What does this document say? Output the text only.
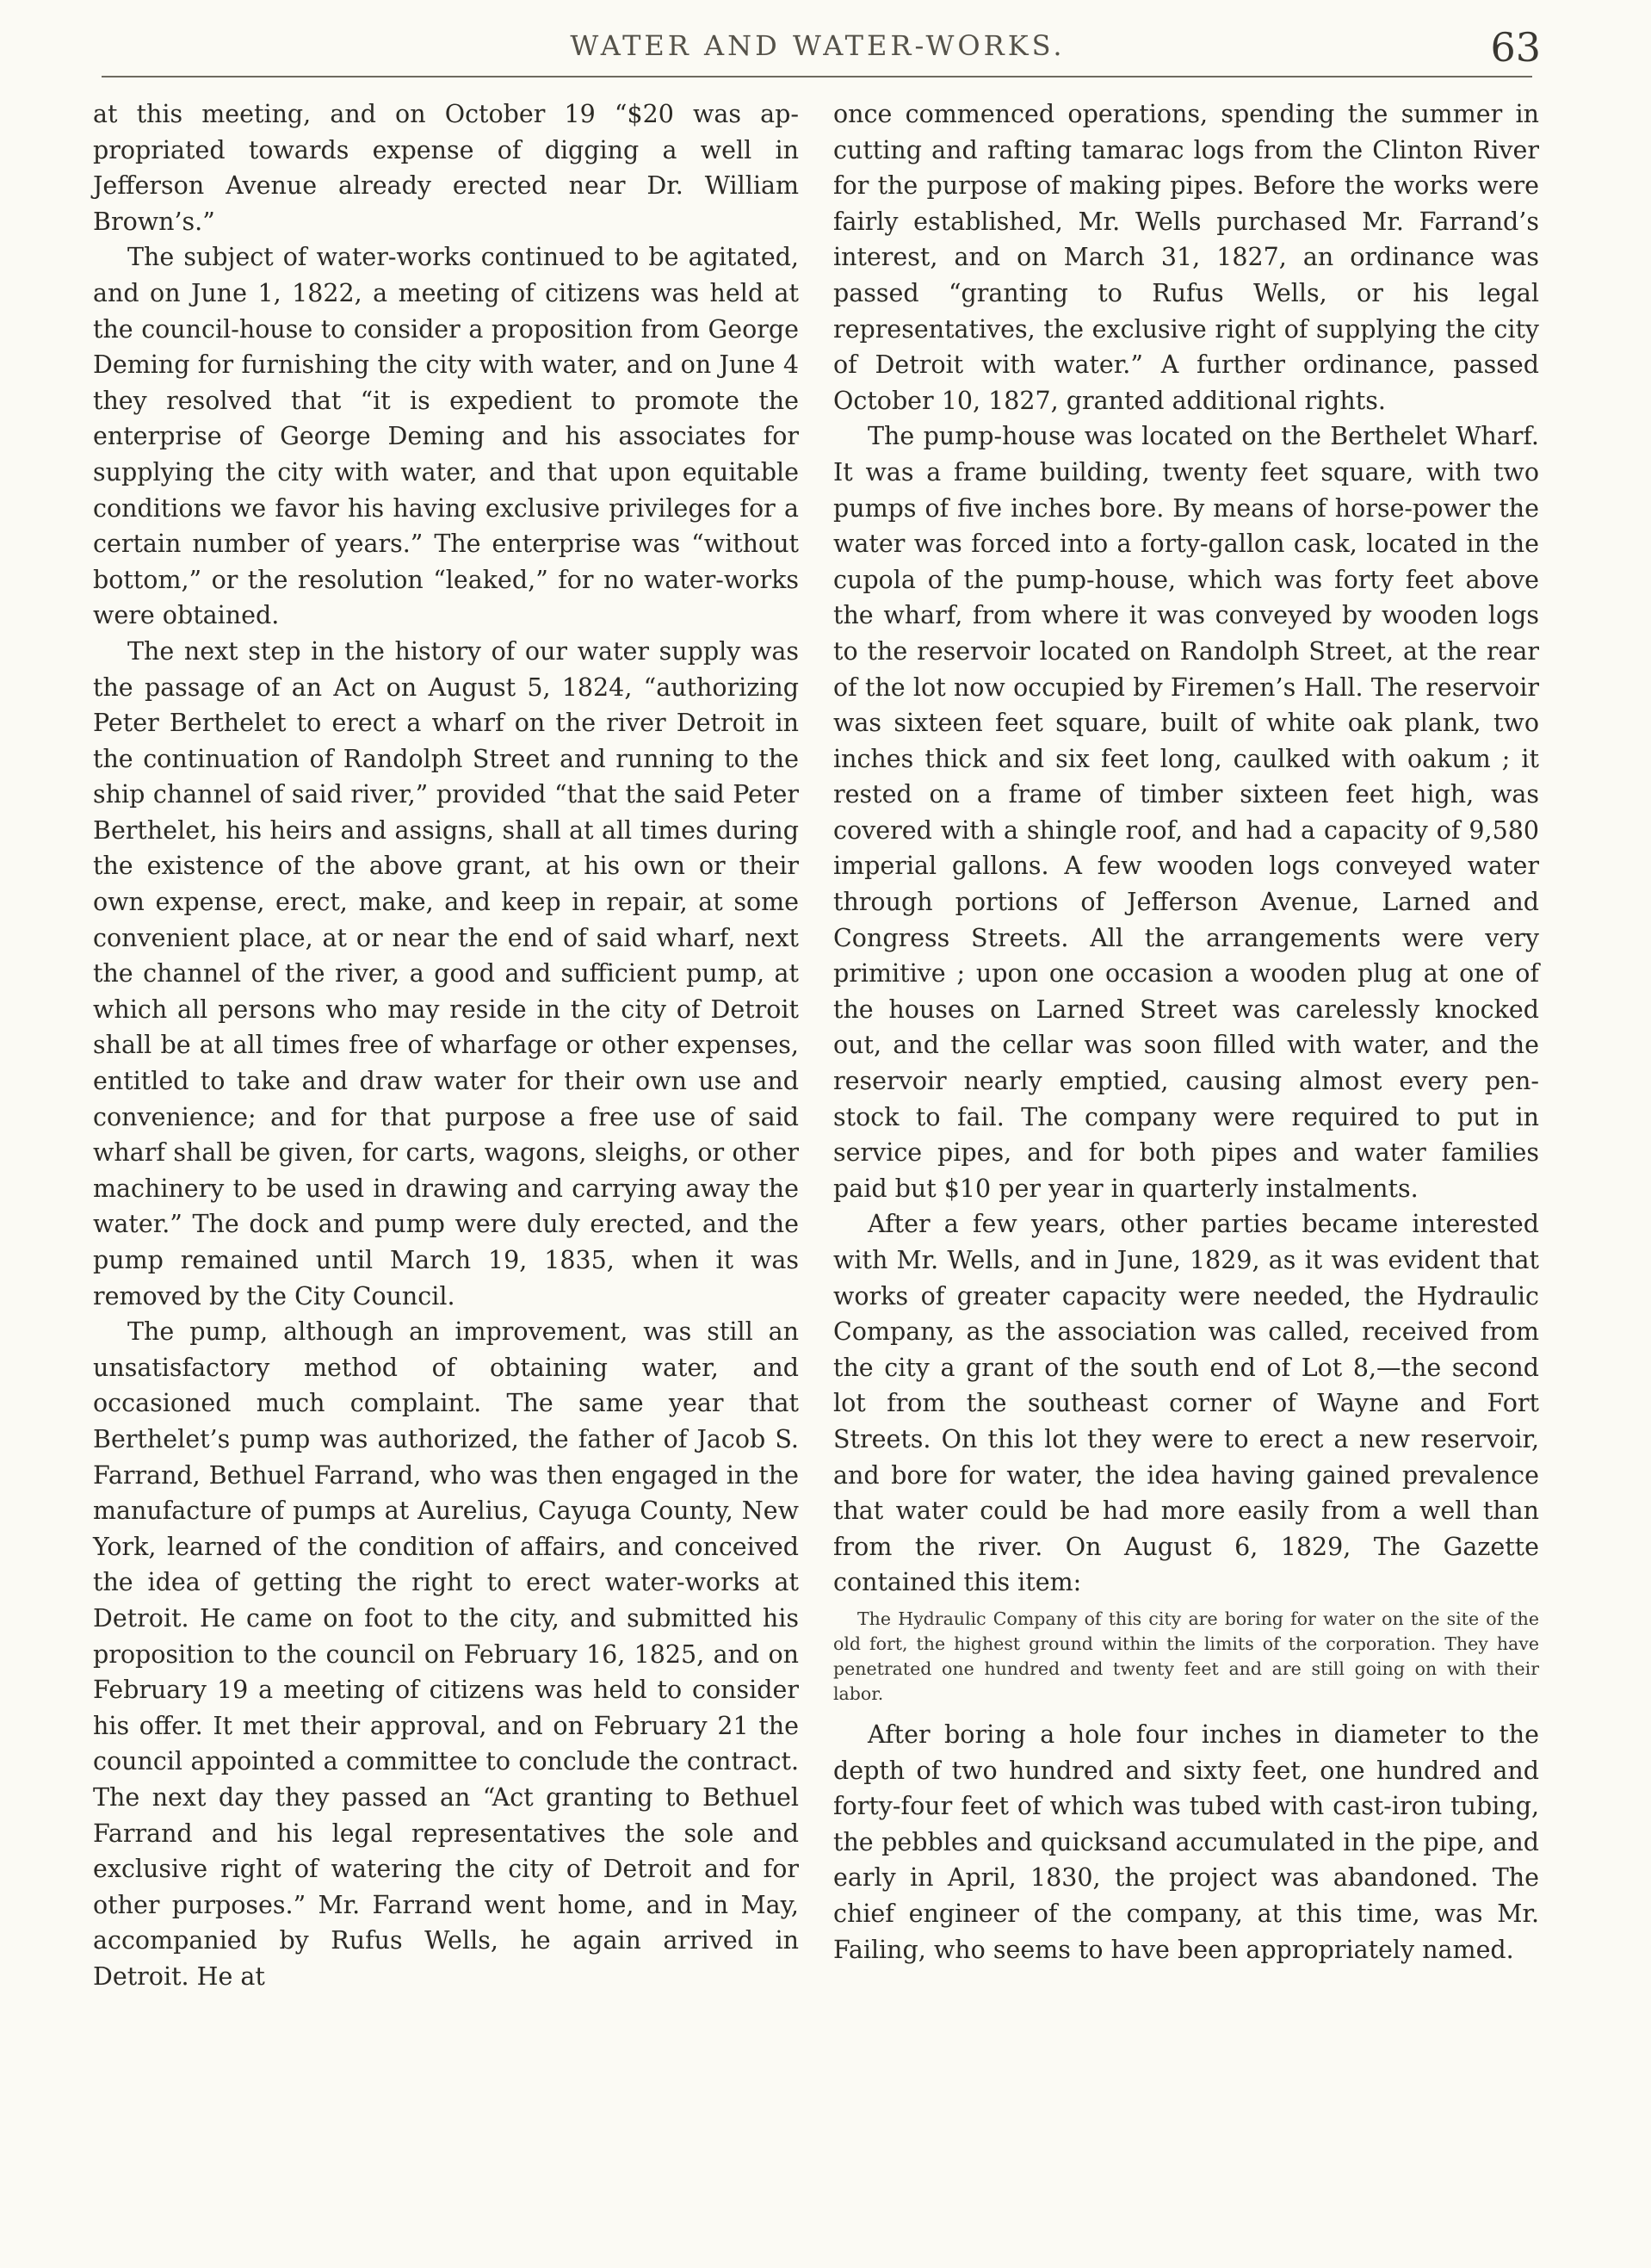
WATER AND WATER-WORKS.	63

at this meeting, and on October 19 “$20 was appropriated towards expense of digging a well in Jefferson Avenue already erected near Dr. William Brown’s.”

The subject of water-works continued to be agitated, and on June 1, 1822, a meeting of citizens was held at the council-house to consider a proposition from George Deming for furnishing the city with water, and on June 4 they resolved that “it is expedient to promote the enterprise of George Deming and his associates for supplying the city with water, and that upon equitable conditions we favor his having exclusive privileges for a certain number of years.” The enterprise was “without bottom,” or the resolution “leaked,” for no water-works were obtained.

The next step in the history of our water supply was the passage of an Act on August 5, 1824, “authorizing Peter Berthelet to erect a wharf on the river Detroit in the continuation of Randolph Street and running to the ship channel of said river,” provided “that the said Peter Berthelet, his heirs and assigns, shall at all times during the existence of the above grant, at his own or their own expense, erect, make, and keep in repair, at some convenient place, at or near the end of said wharf, next the channel of the river, a good and sufficient pump, at which all persons who may reside in the city of Detroit shall be at all times free of wharfage or other expenses, entitled to take and draw water for their own use and convenience; and for that purpose a free use of said wharf shall be given, for carts, wagons, sleighs, or other machinery to be used in drawing and carrying away the water.” The dock and pump were duly erected, and the pump remained until March 19, 1835, when it was removed by the City Council.

The pump, although an improvement, was still an unsatisfactory method of obtaining water, and occasioned much complaint. The same year that Berthelet’s pump was authorized, the father of Jacob S. Farrand, Bethuel Farrand, who was then engaged in the manufacture of pumps at Aurelius, Cayuga County, New York, learned of the condition of affairs, and conceived the idea of getting the right to erect water-works at Detroit. He came on foot to the city, and submitted his proposition to the council on February 16, 1825, and on February 19 a meeting of citizens was held to consider his offer. It met their approval, and on February 21 the council appointed a committee to conclude the contract. The next day they passed an “Act granting to Bethuel Farrand and his legal representatives the sole and exclusive right of watering the city of Detroit and for other purposes.” Mr. Farrand went home, and in May, accompanied by Rufus Wells, he again arrived in Detroit. He at

once commenced operations, spending the summer in cutting and rafting tamarac logs from the Clinton River for the purpose of making pipes. Before the works were fairly established, Mr. Wells purchased Mr. Farrand’s interest, and on March 31, 1827, an ordinance was passed “granting to Rufus Wells, or his legal representatives, the exclusive right of supplying the city of Detroit with water.” A further ordinance, passed October 10, 1827, granted additional rights.

The pump-house was located on the Berthelet Wharf. It was a frame building, twenty feet square, with two pumps of five inches bore. By means of horse-power the water was forced into a forty-gallon cask, located in the cupola of the pump-house, which was forty feet above the wharf, from where it was conveyed by wooden logs to the reservoir located on Randolph Street, at the rear of the lot now occupied by Firemen’s Hall. The reservoir was sixteen feet square, built of white oak plank, two inches thick and six feet long, caulked with oakum ; it rested on a frame of timber sixteen feet high, was covered with a shingle roof, and had a capacity of 9,580 imperial gallons. A few wooden logs conveyed water through portions of Jefferson Avenue, Larned and Congress Streets. All the arrangements were very primitive ; upon one occasion a wooden plug at one of the houses on Larned Street was carelessly knocked out, and the cellar was soon filled with water, and the reservoir nearly emptied, causing almost every pen-stock to fail. The company were required to put in service pipes, and for both pipes and water families paid but $10 per year in quarterly instalments.

After a few years, other parties became interested with Mr. Wells, and in June, 1829, as it was evident that works of greater capacity were needed, the Hydraulic Company, as the association was called, received from the city a grant of the south end of Lot 8,—the second lot from the southeast corner of Wayne and Fort Streets. On this lot they were to erect a new reservoir, and bore for water, the idea having gained prevalence that water could be had more easily from a well than from the river. On August 6, 1829, The Gazette contained this item:

The Hydraulic Company of this city are boring for water on the site of the old fort, the highest ground within the limits of the corporation. They have penetrated one hundred and twenty feet and are still going on with their labor.

After boring a hole four inches in diameter to the depth of two hundred and sixty feet, one hundred and forty-four feet of which was tubed with cast-iron tubing, the pebbles and quicksand accumulated in the pipe, and early in April, 1830, the project was abandoned. The chief engineer of the company, at this time, was Mr. Failing, who seems to have been appropriately named.
